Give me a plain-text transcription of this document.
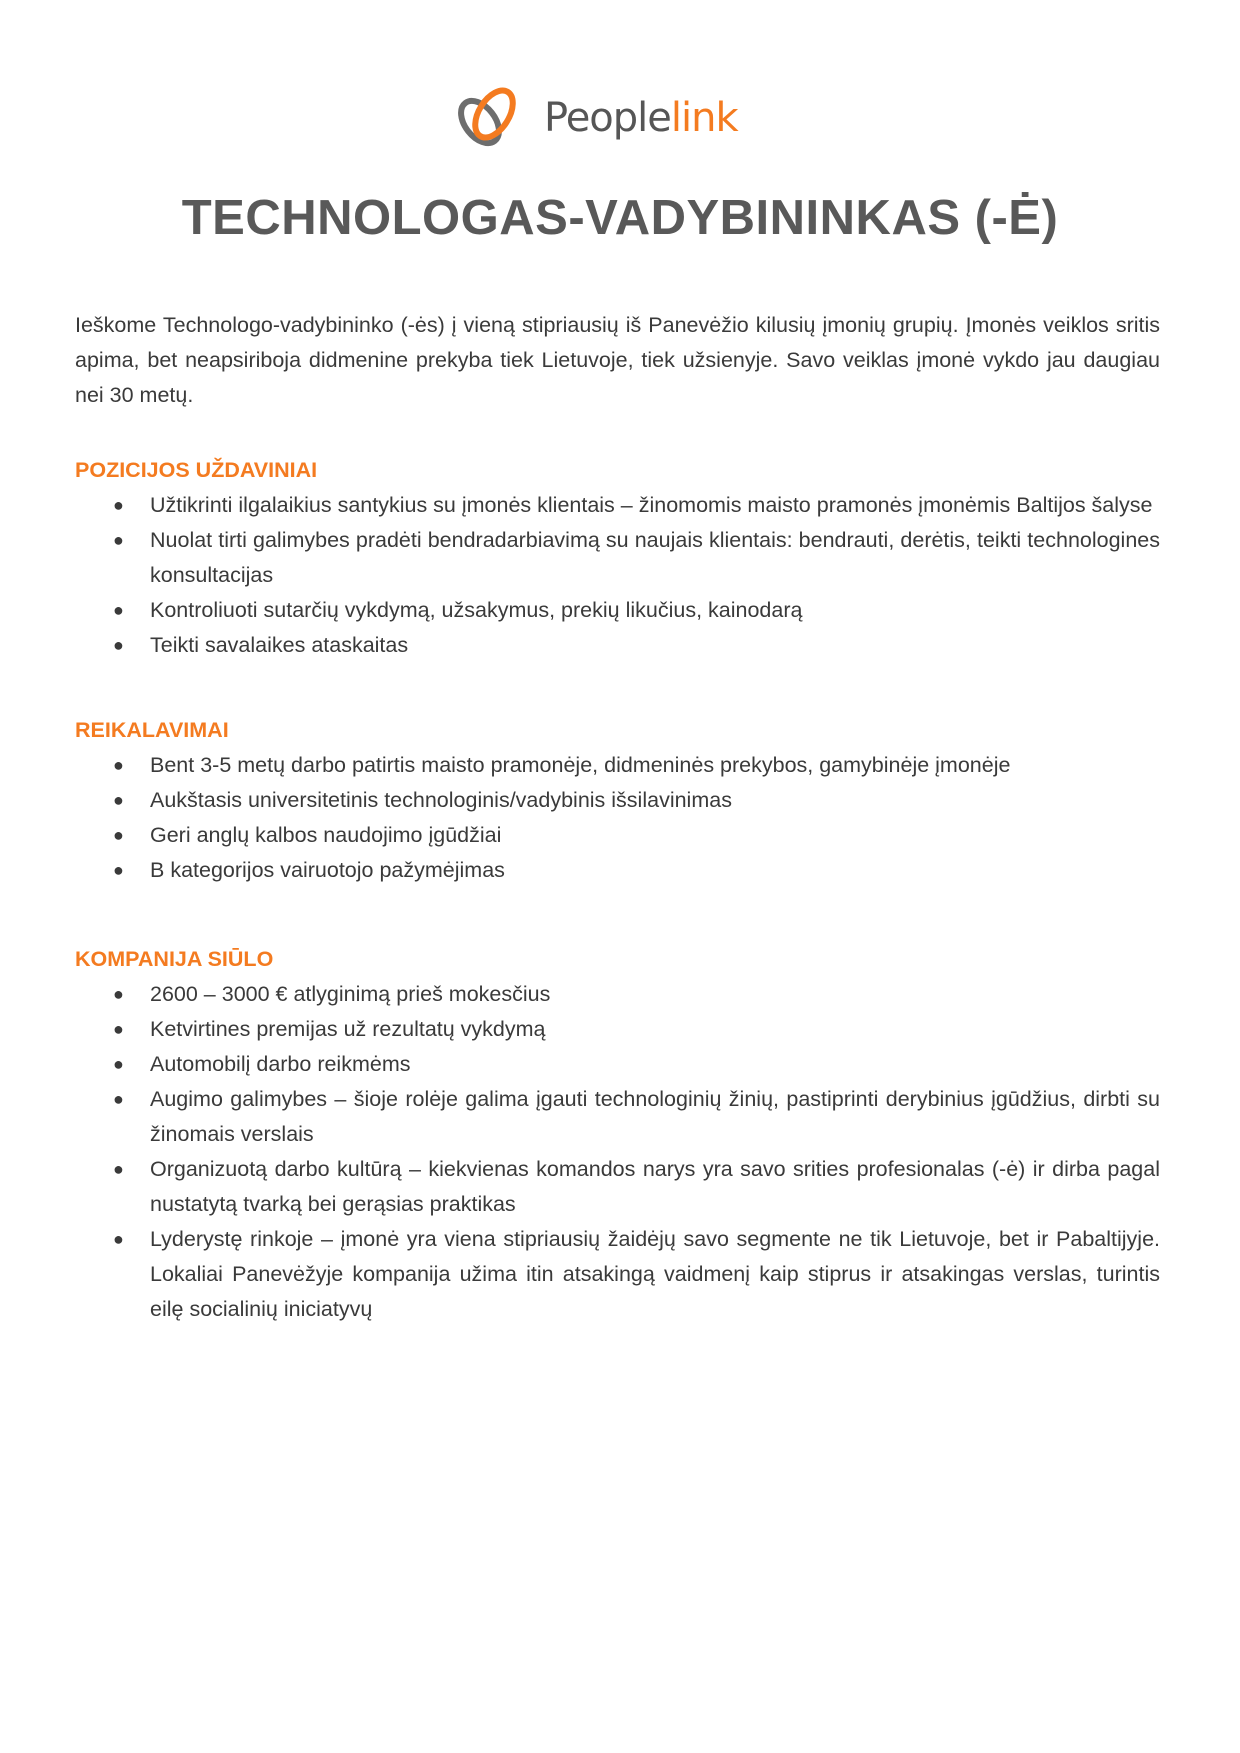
Peoplelink
TECHNOLOGAS-VADYBININKAS (-Ė)

Ieškome Technologo-vadybininko (-ės) į vieną stipriausių iš Panevėžio kilusių įmonių grupių. Įmonės veiklos sritis apima, bet neapsiriboja didmenine prekyba tiek Lietuvoje, tiek užsienyje. Savo veiklas įmonė vykdo jau daugiau nei 30 metų.

POZICIJOS UŽDAVINIAI
● Užtikrinti ilgalaikius santykius su įmonės klientais – žinomomis maisto pramonės įmonėmis Baltijos šalyse
● Nuolat tirti galimybes pradėti bendradarbiavimą su naujais klientais: bendrauti, derėtis, teikti technologines konsultacijas
● Kontroliuoti sutarčių vykdymą, užsakymus, prekių likučius, kainodarą
● Teikti savalaikes ataskaitas
REIKALAVIMAI
● Bent 3-5 metų darbo patirtis maisto pramonėje, didmeninės prekybos, gamybinėje įmonėje
● Aukštasis universitetinis technologinis/vadybinis išsilavinimas
● Geri anglų kalbos naudojimo įgūdžiai
● B kategorijos vairuotojo pažymėjimas
KOMPANIJA SIŪLO
● 2600 – 3000 € atlyginimą prieš mokesčius
● Ketvirtines premijas už rezultatų vykdymą
● Automobilį darbo reikmėms
● Augimo galimybes – šioje rolėje galima įgauti technologinių žinių, pastiprinti derybinius įgūdžius, dirbti su žinomais verslais
● Organizuotą darbo kultūrą – kiekvienas komandos narys yra savo srities profesionalas (-ė) ir dirba pagal nustatytą tvarką bei gerąsias praktikas
● Lyderystę rinkoje – įmonė yra viena stipriausių žaidėjų savo segmente ne tik Lietuvoje, bet ir Pabaltijyje. Lokaliai Panevėžyje kompanija užima itin atsakingą vaidmenį kaip stiprus ir atsakingas verslas, turintis eilę socialinių iniciatyvų
